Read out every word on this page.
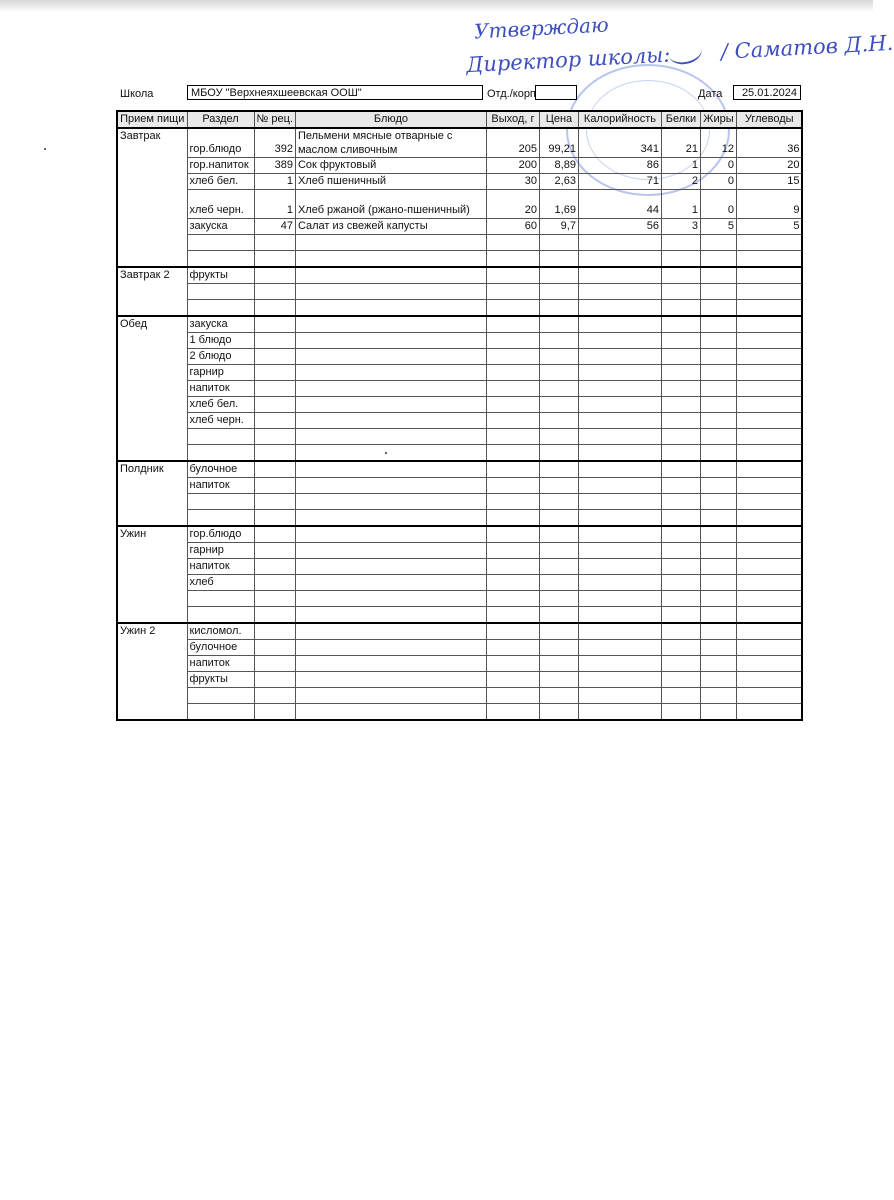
Утверждаю
Директор школы: / Саматов Д.Н.
Школа	МБОУ "Верхнеяхшеевская ООШ"	Отд./корп	Дата	25.01.2024
Прием пищи	Раздел	№ рец.	Блюдо	Выход, г	Цена	Калорийность	Белки	Жиры	Углеводы
Завтрак	гор.блюдо	392	Пельмени мясные отварные с маслом сливочным	205	99,21	341	21	12	36
	гор.напиток	389	Сок фруктовый	200	8,89	86	1	0	20
	хлеб бел.	1	Хлеб пшеничный	30	2,63	71	2	0	15
	хлеб черн.	1	Хлеб ржаной (ржано-пшеничный)	20	1,69	44	1	0	9
	закуска	47	Салат из свежей капусты	60	9,7	56	3	5	5

Завтрак 2	фрукты								

Обед	закуска								
	1 блюдо								
	2 блюдо								
	гарнир								
	напиток								
	хлеб бел.								
	хлеб черн.								

Полдник	булочное								
	напиток								

Ужин	гор.блюдо								
	гарнир								
	напиток								
	хлеб								

Ужин 2	кисломол.								
	булочное								
	напиток								
	фрукты								
